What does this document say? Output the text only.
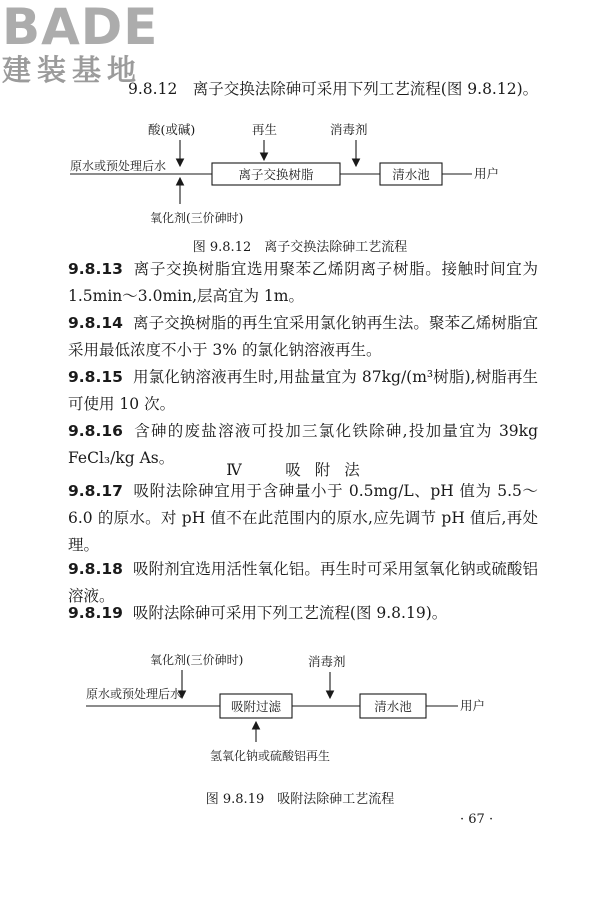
BADE
建装基地

9.8.12　离子交换法除砷可采用下列工艺流程(图 9.8.12)。

酸(或碱)	再生	消毒剂
原水或预处理后水
离子交换树脂	清水池	用户
氧化剂(三价砷时)
图 9.8.12　离子交换法除砷工艺流程

9.8.13 离子交换树脂宜选用聚苯乙烯阴离子树脂。接触时间宜为 1.5min～3.0min,层高宜为 1m。

9.8.14 离子交换树脂的再生宜采用氯化钠再生法。聚苯乙烯树脂宜采用最低浓度不小于 3% 的氯化钠溶液再生。

9.8.15 用氯化钠溶液再生时,用盐量宜为 87kg/(m³树脂),树脂再生可使用 10 次。

9.8.16 含砷的废盐溶液可投加三氯化铁除砷,投加量宜为 39kg FeCl₃/kg As。

Ⅳ　吸附法

9.8.17 吸附法除砷宜用于含砷量小于 0.5mg/L、pH 值为 5.5～6.0 的原水。对 pH 值不在此范围内的原水,应先调节 pH 值后,再处理。

9.8.18 吸附剂宜选用活性氧化铝。再生时可采用氢氧化钠或硫酸铝溶液。

9.8.19 吸附法除砷可采用下列工艺流程(图 9.8.19)。

氧化剂(三价砷时)	消毒剂
原水或预处理后水
吸附过滤	清水池	用户
氢氧化钠或硫酸铝再生
图 9.8.19　吸附法除砷工艺流程
· 67 ·
